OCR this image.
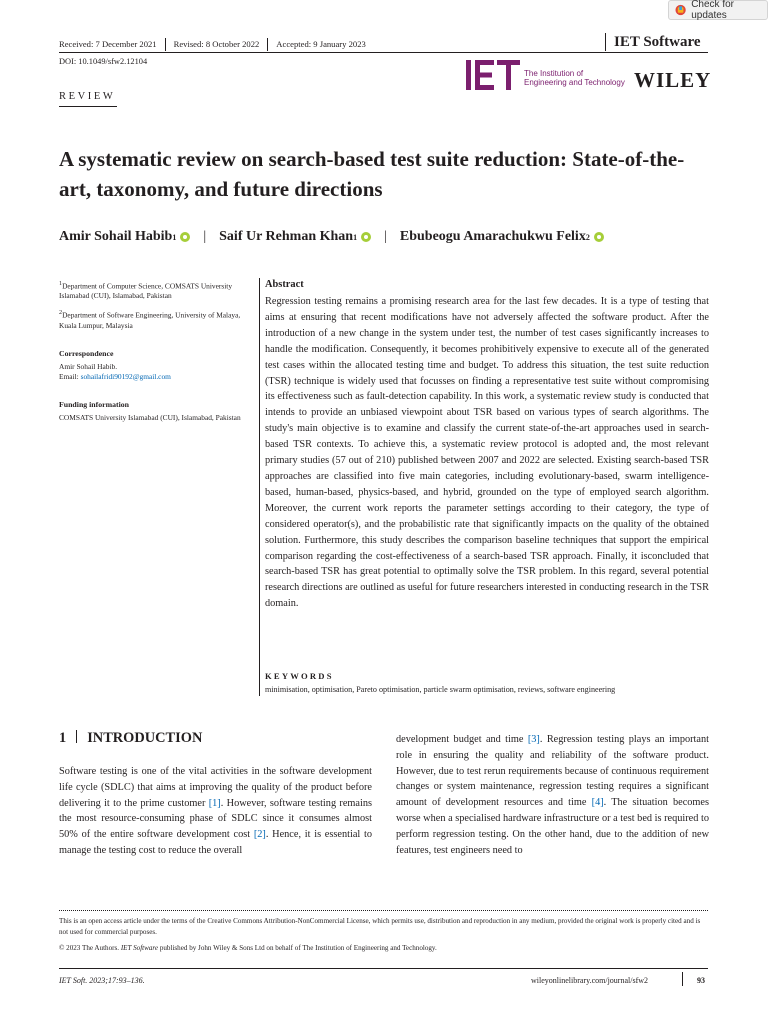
Check for updates
Received: 7 December 2021 Revised: 8 October 2022 Accepted: 9 January 2023	IET Software
DOI: 10.1049/sfw2.12104
The Institution of
Engineering and Technology WILEY
REVIEW
A systematic review on search-based test suite reduction: State-of-the-art, taxonomy, and future directions
Amir Sohail Habib 1 | Saif Ur Rehman Khan 1 | Ebubeogu Amarachukwu Felix 2

$^1$Department of Computer Science, COMSATS University Islamabad (CUI), Islamabad, Pakistan

$^2$Department of Software Engineering, University of Malaya, Kuala Lumpur, Malaysia

Correspondence

Amir Sohail Habib.

Email: sohailafridi90192@gmail.com

Funding information

COMSATS University Islamabad (CUI), Islamabad, Pakistan

Abstract

Regression testing remains a promising research area for the last few decades. It is a type of testing that aims at ensuring that recent modifications have not adversely affected the software product. After the introduction of a new change in the system under test, the number of test cases significantly increases to handle the modification. Consequently, it becomes prohibitively expensive to execute all of the generated test cases within the allocated testing time and budget. To address this situation, the test suite reduction (TSR) technique is widely used that focusses on finding a representative test suite without compromising its effectiveness such as fault-detection capability. In this work, a systematic review study is conducted that intends to provide an unbiased viewpoint about TSR based on various types of search algorithms. The study's main objective is to examine and classify the current state-of-the-art approaches used in search-based TSR contexts. To achieve this, a systematic review protocol is adopted and, the most relevant primary studies (57 out of 210) published between 2007 and 2022 are selected. Existing search-based TSR approaches are classified into five main categories, including evolutionary-based, swarm intelligence-based, human-based, physics-based, and hybrid, grounded on the type of employed search algorithm. Moreover, the current work reports the parameter settings according to their category, the type of considered operator(s), and the probabilistic rate that significantly impacts on the quality of the obtained solution. Furthermore, this study describes the comparison baseline techniques that support the empirical comparison regarding the cost-effectiveness of a search-based TSR approach. Finally, it isconcluded that search-based TSR has great potential to optimally solve the TSR problem. In this regard, several potential research directions are outlined as useful for future researchers interested in conducting research in the TSR domain.

KEYWORDS
minimisation, optimisation, Pareto optimisation, particle swarm optimisation, reviews, software engineering
1 INTRODUCTION

Software testing is one of the vital activities in the software development life cycle (SDLC) that aims at improving the quality of the product before delivering it to the prime customer [1]. However, software testing remains the most resource-consuming phase of SDLC since it consumes almost 50% of the entire software development cost [2]. Hence, it is essential to manage the testing cost to reduce the overall

development budget and time [3]. Regression testing plays an important role in ensuring the quality and reliability of the software product. However, due to test rerun requirements because of continuous requirement changes or system maintenance, regression testing requires a significant amount of development resources and time [4]. The situation becomes worse when a specialised hardware infrastructure or a test bed is required to perform regression testing. On the other hand, due to the addition of new features, test engineers need to

This is an open access article under the terms of the Creative Commons Attribution-NonCommercial License, which permits use, distribution and reproduction in any medium, provided the original work is properly cited and is not used for commercial purposes.

© 2023 The Authors. IET Software published by John Wiley & Sons Ltd on behalf of The Institution of Engineering and Technology.
IET Soft. 2023;17:93–136.	wileyonlinelibrary.com/journal/sfw2	93
